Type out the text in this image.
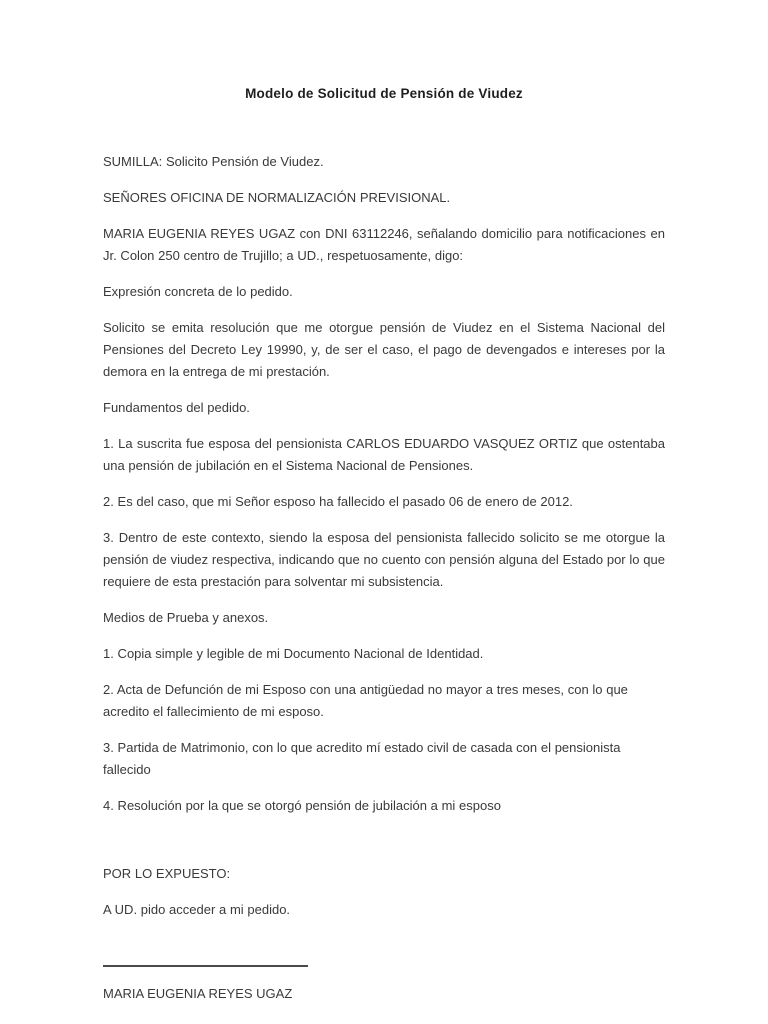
Modelo de Solicitud de Pensión de Viudez

SUMILLA: Solicito Pensión de Viudez.

SEÑORES OFICINA DE NORMALIZACIÓN PREVISIONAL.

MARIA EUGENIA REYES UGAZ con DNI 63112246, señalando domicilio para notificaciones en Jr. Colon 250 centro de Trujillo; a UD., respetuosamente, digo:

Expresión concreta de lo pedido.

Solicito se emita resolución que me otorgue pensión de Viudez en el Sistema Nacional del Pensiones del Decreto Ley 19990, y, de ser el caso, el pago de devengados e intereses por la demora en la entrega de mi prestación.

Fundamentos del pedido.

1. La suscrita fue esposa del pensionista CARLOS EDUARDO VASQUEZ ORTIZ que ostentaba una pensión de jubilación en el Sistema Nacional de Pensiones.

2. Es del caso, que mi Señor esposo ha fallecido el pasado 06 de enero de 2012.

3. Dentro de este contexto, siendo la esposa del pensionista fallecido solicito se me otorgue la pensión de viudez respectiva, indicando que no cuento con pensión alguna del Estado por lo que requiere de esta prestación para solventar mi subsistencia.

Medios de Prueba y anexos.

1. Copia simple y legible de mi Documento Nacional de Identidad.

2. Acta de Defunción de mi Esposo con una antigüedad no mayor a tres meses, con lo que acredito el fallecimiento de mi esposo.

3. Partida de Matrimonio, con lo que acredito mí estado civil de casada con el pensionista fallecido

4. Resolución por la que se otorgó pensión de jubilación a mi esposo

POR LO EXPUESTO:

A UD. pido acceder a mi pedido.

MARIA EUGENIA REYES UGAZ
